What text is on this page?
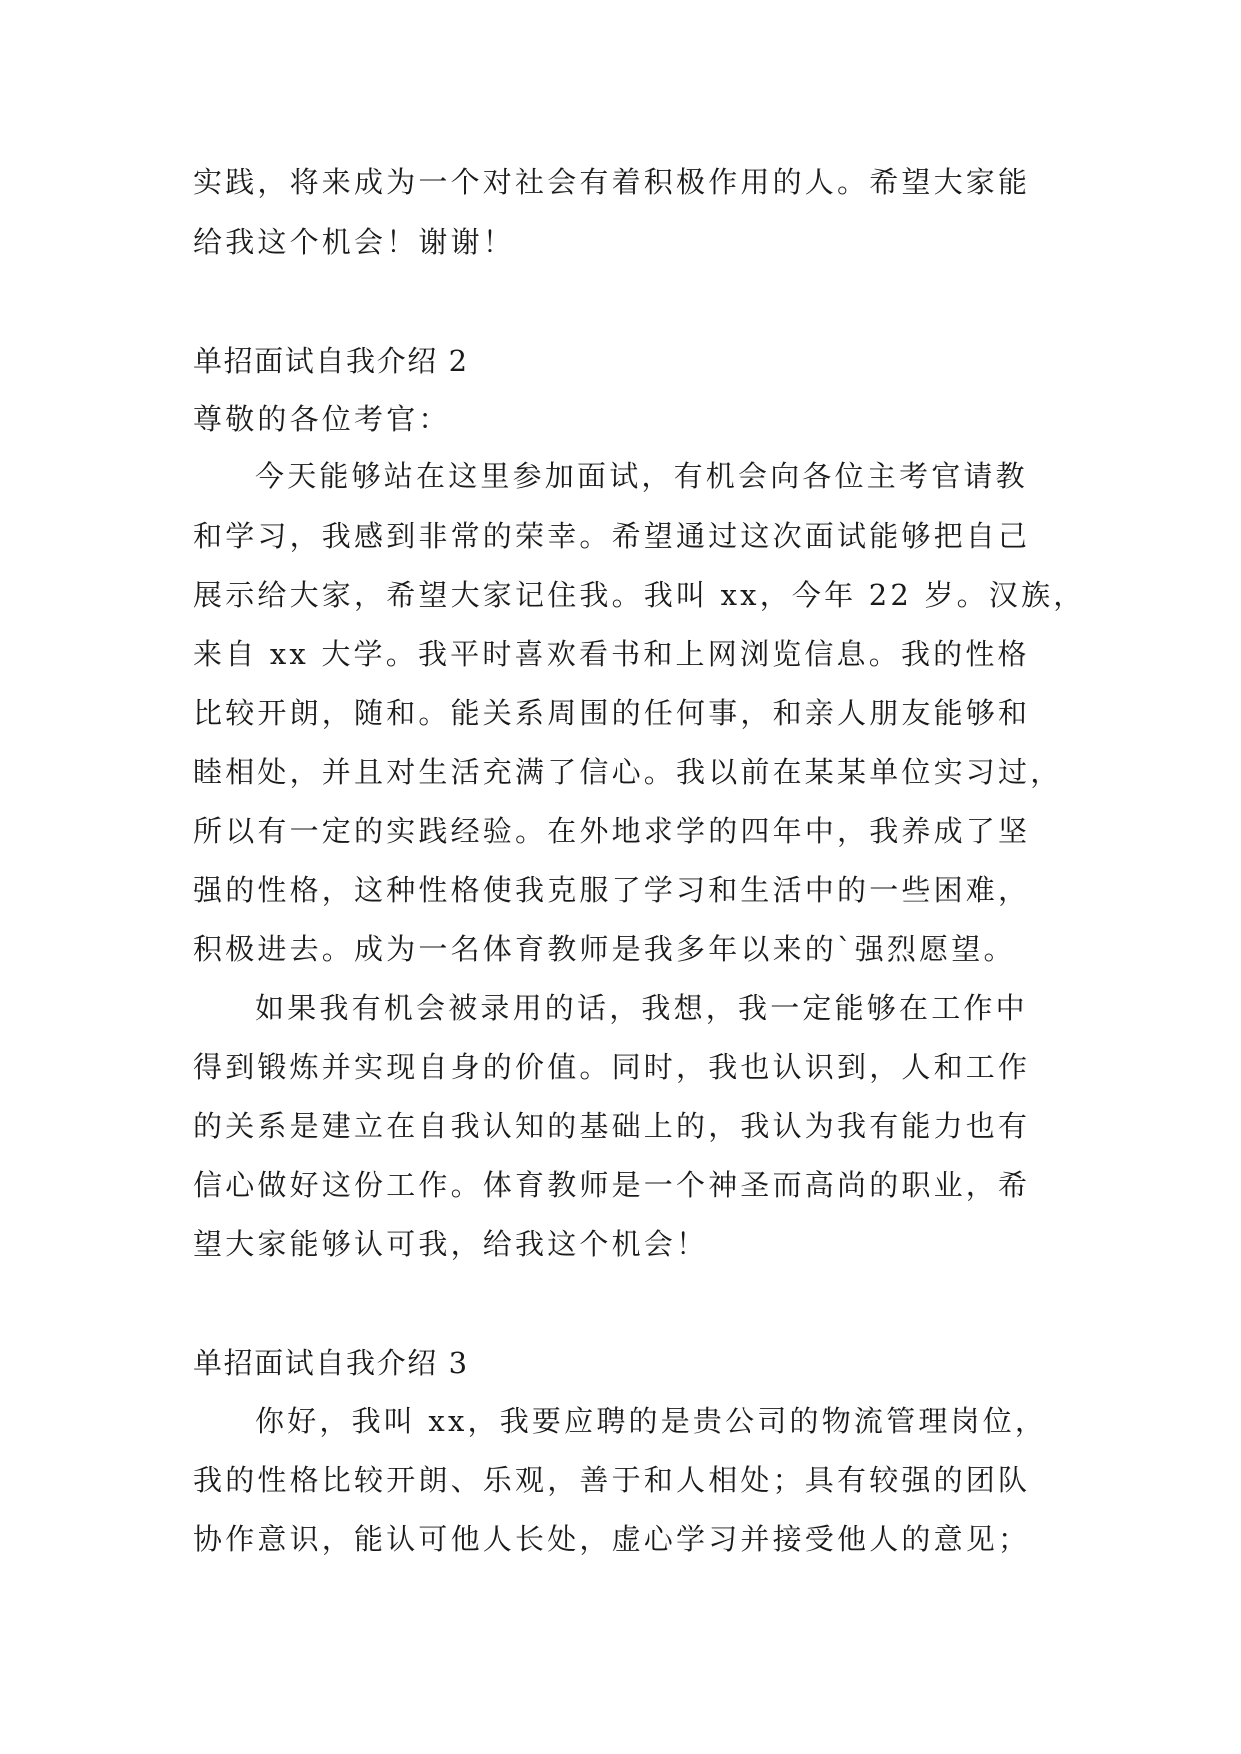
实践，将来成为一个对社会有着积极作用的人。希望大家能
给我这个机会！谢谢！
单招面试自我介绍 2
尊敬的各位考官：
今天能够站在这里参加面试，有机会向各位主考官请教
和学习，我感到非常的荣幸。希望通过这次面试能够把自己
展示给大家，希望大家记住我。我叫 xx，今年 22 岁。汉族，
来自 xx 大学。我平时喜欢看书和上网浏览信息。我的性格
比较开朗，随和。能关系周围的任何事，和亲人朋友能够和
睦相处，并且对生活充满了信心。我以前在某某单位实习过，
所以有一定的实践经验。在外地求学的四年中，我养成了坚
强的性格，这种性格使我克服了学习和生活中的一些困难，
积极进去。成为一名体育教师是我多年以来的`强烈愿望。
如果我有机会被录用的话，我想，我一定能够在工作中
得到锻炼并实现自身的价值。同时，我也认识到，人和工作
的关系是建立在自我认知的基础上的，我认为我有能力也有
信心做好这份工作。体育教师是一个神圣而高尚的职业，希
望大家能够认可我，给我这个机会！
单招面试自我介绍 3
你好，我叫 xx，我要应聘的是贵公司的物流管理岗位，
我的性格比较开朗、乐观，善于和人相处；具有较强的团队
协作意识，能认可他人长处，虚心学习并接受他人的意见；
